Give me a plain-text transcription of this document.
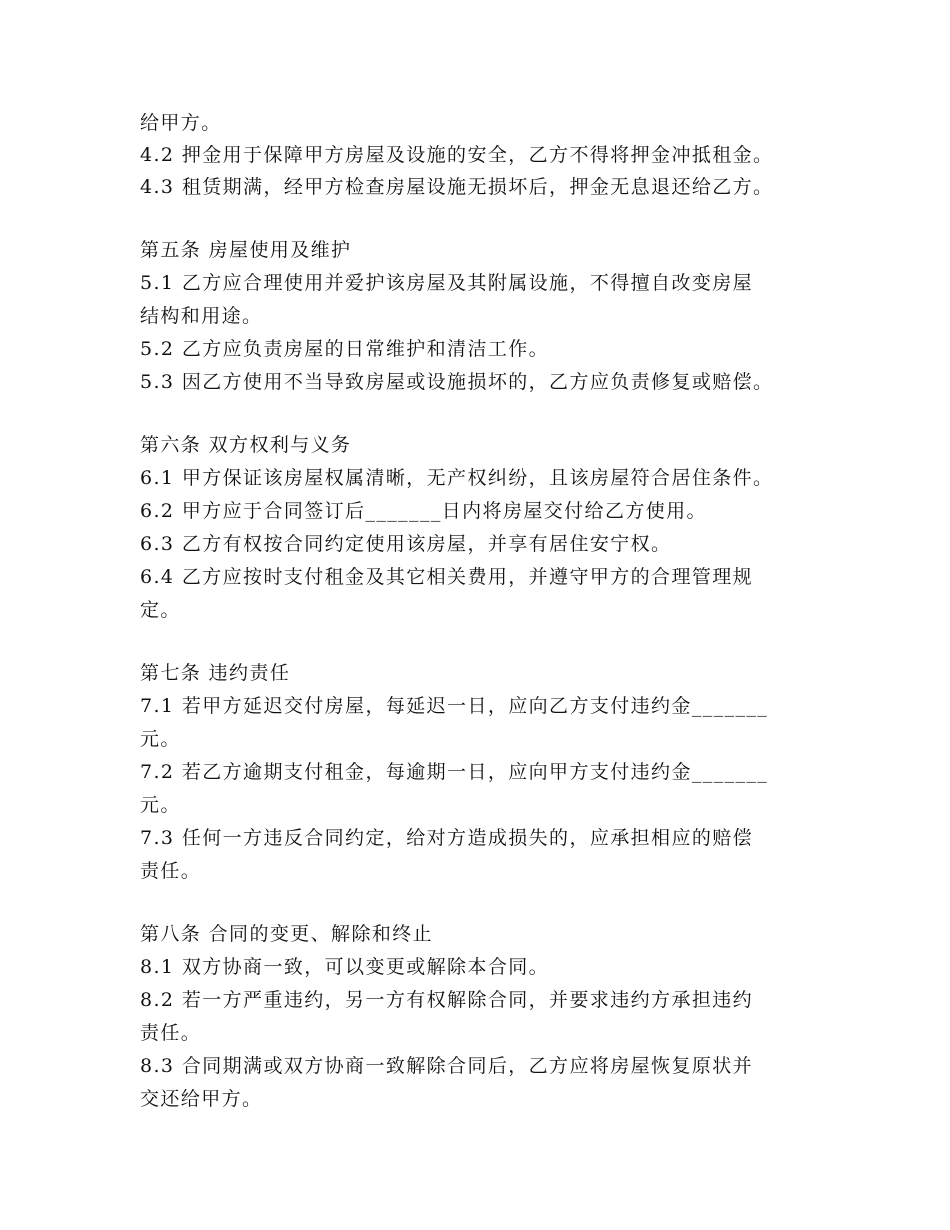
给甲方。
4.2 押金用于保障甲方房屋及设施的安全，乙方不得将押金冲抵租金。
4.3 租赁期满，经甲方检查房屋设施无损坏后，押金无息退还给乙方。
第五条 房屋使用及维护
5.1 乙方应合理使用并爱护该房屋及其附属设施，不得擅自改变房屋
结构和用途。
5.2 乙方应负责房屋的日常维护和清洁工作。
5.3 因乙方使用不当导致房屋或设施损坏的，乙方应负责修复或赔偿。
第六条 双方权利与义务
6.1 甲方保证该房屋权属清晰，无产权纠纷，且该房屋符合居住条件。
6.2 甲方应于合同签订后_______日内将房屋交付给乙方使用。
6.3 乙方有权按合同约定使用该房屋，并享有居住安宁权。
6.4 乙方应按时支付租金及其它相关费用，并遵守甲方的合理管理规
定。
第七条 违约责任
7.1 若甲方延迟交付房屋，每延迟一日，应向乙方支付违约金_______
元。
7.2 若乙方逾期支付租金，每逾期一日，应向甲方支付违约金_______
元。
7.3 任何一方违反合同约定，给对方造成损失的，应承担相应的赔偿
责任。
第八条 合同的变更、解除和终止
8.1 双方协商一致，可以变更或解除本合同。
8.2 若一方严重违约，另一方有权解除合同，并要求违约方承担违约
责任。
8.3 合同期满或双方协商一致解除合同后，乙方应将房屋恢复原状并
交还给甲方。
